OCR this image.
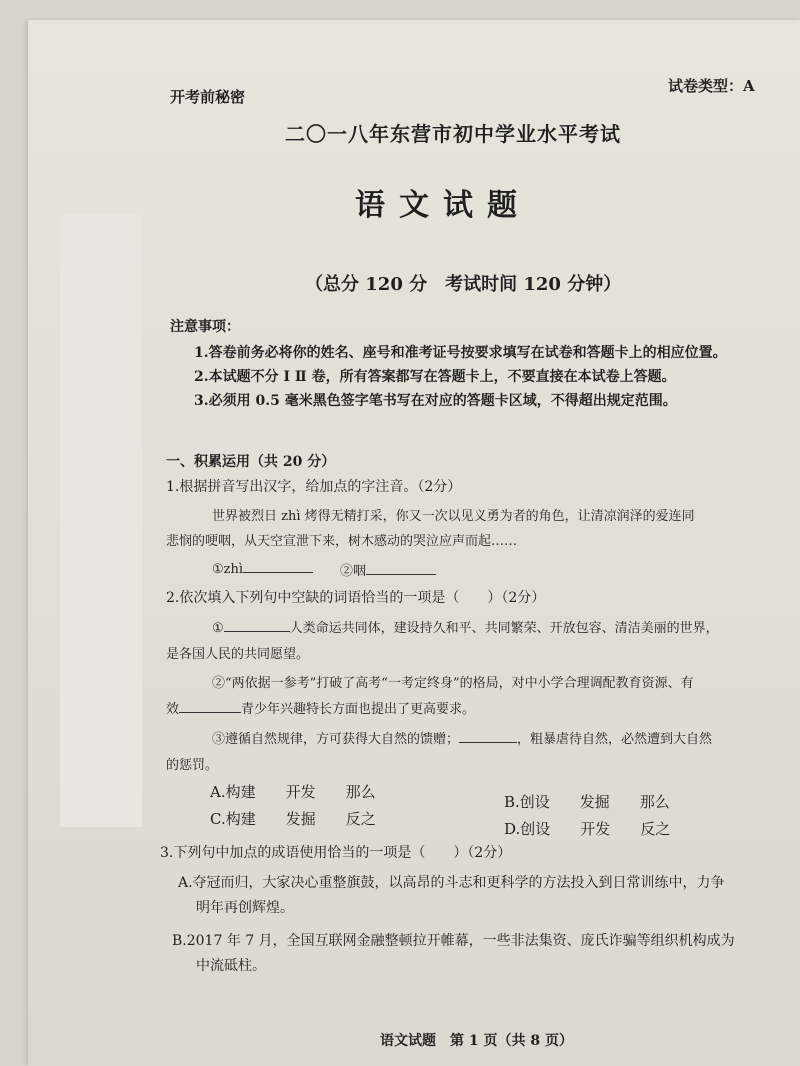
开考前秘密
试卷类型：A
二〇一八年东营市初中学业水平考试
语文试题
（总分 120 分　考试时间 120 分钟）
注意事项：
1.答卷前务必将你的姓名、座号和准考证号按要求填写在试卷和答题卡上的相应位置。
2.本试题不分 Ⅰ Ⅱ 卷，所有答案都写在答题卡上，不要直接在本试卷上答题。
3.必须用 0.5 毫米黑色签字笔书写在对应的答题卡区域，不得超出规定范围。
一、积累运用（共 20 分）
1.根据拼音写出汉字，给加点的字注音。（2分）
世界被烈日 zhì 烤得无精打采，你又一次以见义勇为者的角色，让清凉润泽的爱连同
悲悯的哽咽，从天空宣泄下来，树木感动的哭泣应声而起……
①zhì	②咽
2.依次填入下列句中空缺的词语恰当的一项是（　　）（2分）
①	人类命运共同体，建设持久和平、共同繁荣、开放包容、清洁美丽的世界，
是各国人民的共同愿望。
②“两依据一参考”打破了高考“一考定终身”的格局，对中小学合理调配教育资源、有
效	青少年兴趣特长方面也提出了更高要求。
③遵循自然规律，方可获得大自然的馈赠；	，粗暴虐待自然，必然遭到大自然
的惩罚。
A.构建　　开发　　那么
B.创设　　发掘　　那么
C.构建　　发掘　　反之
D.创设　　开发　　反之
3.下列句中加点的成语使用恰当的一项是（　　）（2分）
A.夺冠而归，大家决心重整旗鼓，以高昂的斗志和更科学的方法投入到日常训练中，力争
明年再创辉煌。
B.2017 年 7 月，全国互联网金融整顿拉开帷幕，一些非法集资、庞氏诈骗等组织机构成为
中流砥柱。
语文试题　第 1 页（共 8 页）
